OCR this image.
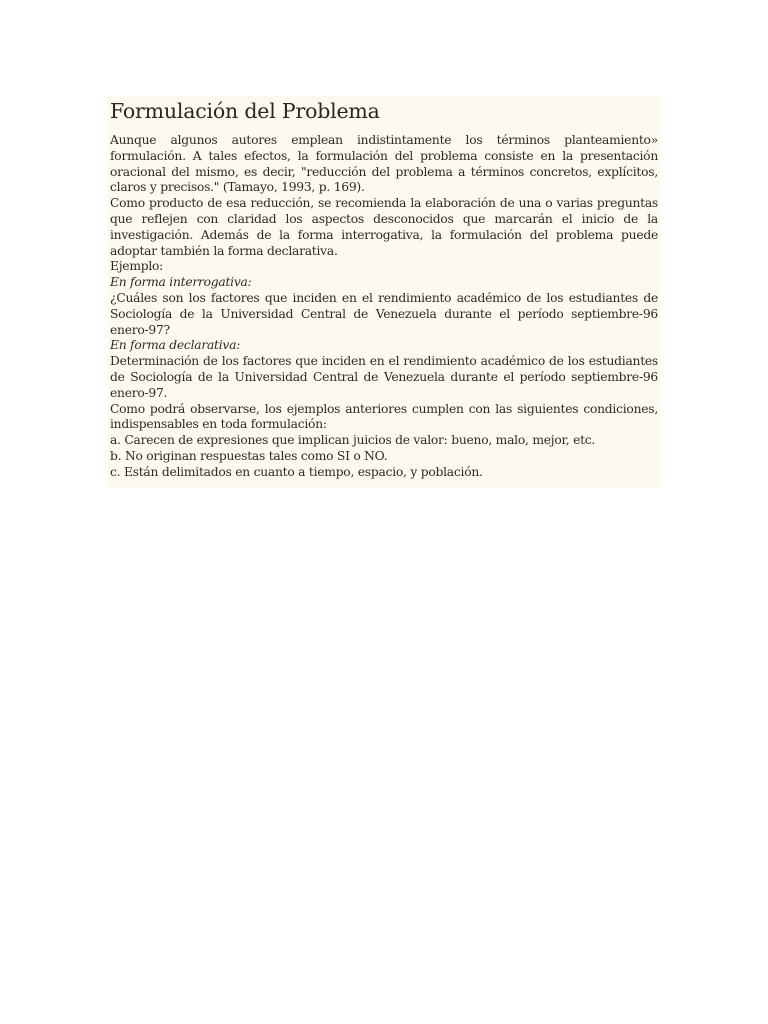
Formulación del Problema

Aunque algunos autores emplean indistintamente los términos planteamiento» formulación. A tales efectos, la formulación del problema consiste en la presentación oracional del mismo, es decir, "reducción del problema a términos concretos, explícitos, claros y precisos." (Tamayo, 1993, p. 169).

Como producto de esa reducción, se recomienda la elaboración de una o varias preguntas que reflejen con claridad los aspectos desconocidos que marcarán el inicio de la investigación. Además de la forma interrogativa, la formulación del problema puede adoptar también la forma declarativa.

Ejemplo:

En forma interrogativa:

¿Cuáles son los factores que inciden en el rendimiento académico de los estudiantes de Sociología de la Universidad Central de Venezuela durante el período septiembre-96 enero-97?

En forma declarativa:

Determinación de los factores que inciden en el rendimiento académico de los estudiantes de Sociología de la Universidad Central de Venezuela durante el período septiembre-96 enero-97.

Como podrá observarse, los ejemplos anteriores cumplen con las siguientes condiciones, indispensables en toda formulación:

a. Carecen de expresiones que implican juicios de valor: bueno, malo, mejor, etc.

b. No originan respuestas tales como SI o NO.

c. Están delimitados en cuanto a tiempo, espacio, y población.
